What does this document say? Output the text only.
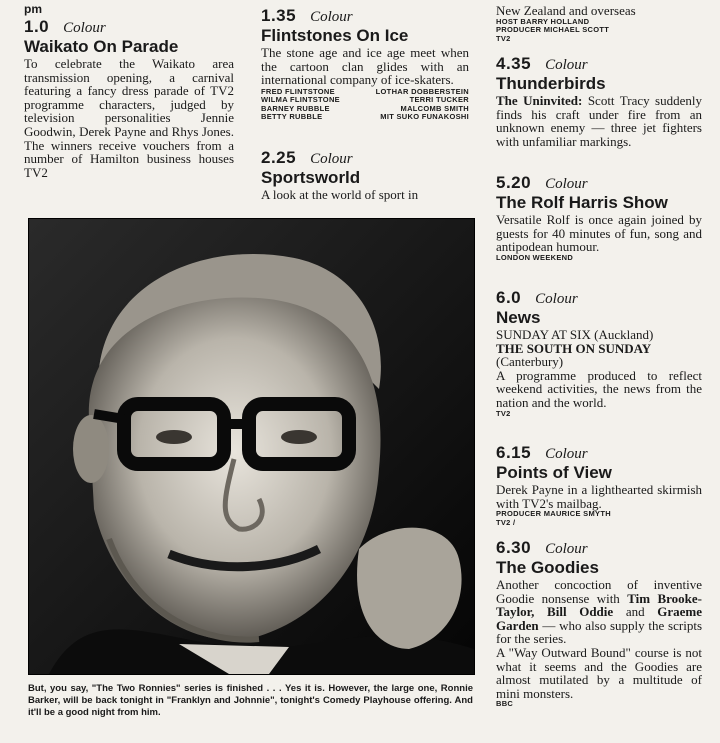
pm
1.0 Colour
Waikato On Parade
To celebrate the Waikato area transmission opening, a carnival featuring a fancy dress parade of TV2 programme characters, judged by television personalities Jennie Goodwin, Derek Payne and Rhys Jones. The winners receive vouchers from a number of Hamilton business houses TV2
1.35 Colour
Flintstones On Ice
The stone age and ice age meet when the cartoon clan glides with an international company of ice-skaters.
FRED FLINTSTONE	LOTHAR DOBBERSTEIN
WILMA FLINTSTONE	TERRI TUCKER
BARNEY RUBBLE	MALCOMB SMITH
BETTY RUBBLE	MIT SUKO FUNAKOSHI
2.25 Colour
Sportsworld
A look at the world of sport in
New Zealand and overseas
HOST BARRY HOLLAND
PRODUCER MICHAEL SCOTT
TV2
4.35 Colour
Thunderbirds
The Uninvited: Scott Tracy suddenly finds his craft under fire from an unknown enemy — three jet fighters with unfamiliar markings.
5.20 Colour
The Rolf Harris Show
Versatile Rolf is once again joined by guests for 40 minutes of fun, song and antipodean humour.
LONDON WEEKEND
6.0 Colour
News
SUNDAY AT SIX (Auckland)
THE SOUTH ON SUNDAY (Canterbury)
A programme produced to reflect weekend activities, the news from the nation and the world.
TV2
6.15 Colour
Points of View
Derek Payne in a lighthearted skirmish with TV2's mailbag.
PRODUCER MAURICE SMYTH
TV2 /
6.30 Colour
The Goodies
Another concoction of inventive Goodie nonsense with Tim Brooke-Taylor, Bill Oddie and Graeme Garden — who also supply the scripts for the series.
A "Way Outward Bound" course is not what it seems and the Goodies are almost mutilated by a multitude of mini monsters.
BBC
But, you say, "The Two Ronnies" series is finished . . . Yes it is. However, the large one, Ronnie Barker, will be back tonight in "Franklyn and Johnnie", tonight's Comedy Playhouse offering. And it'll be a good night from him.
